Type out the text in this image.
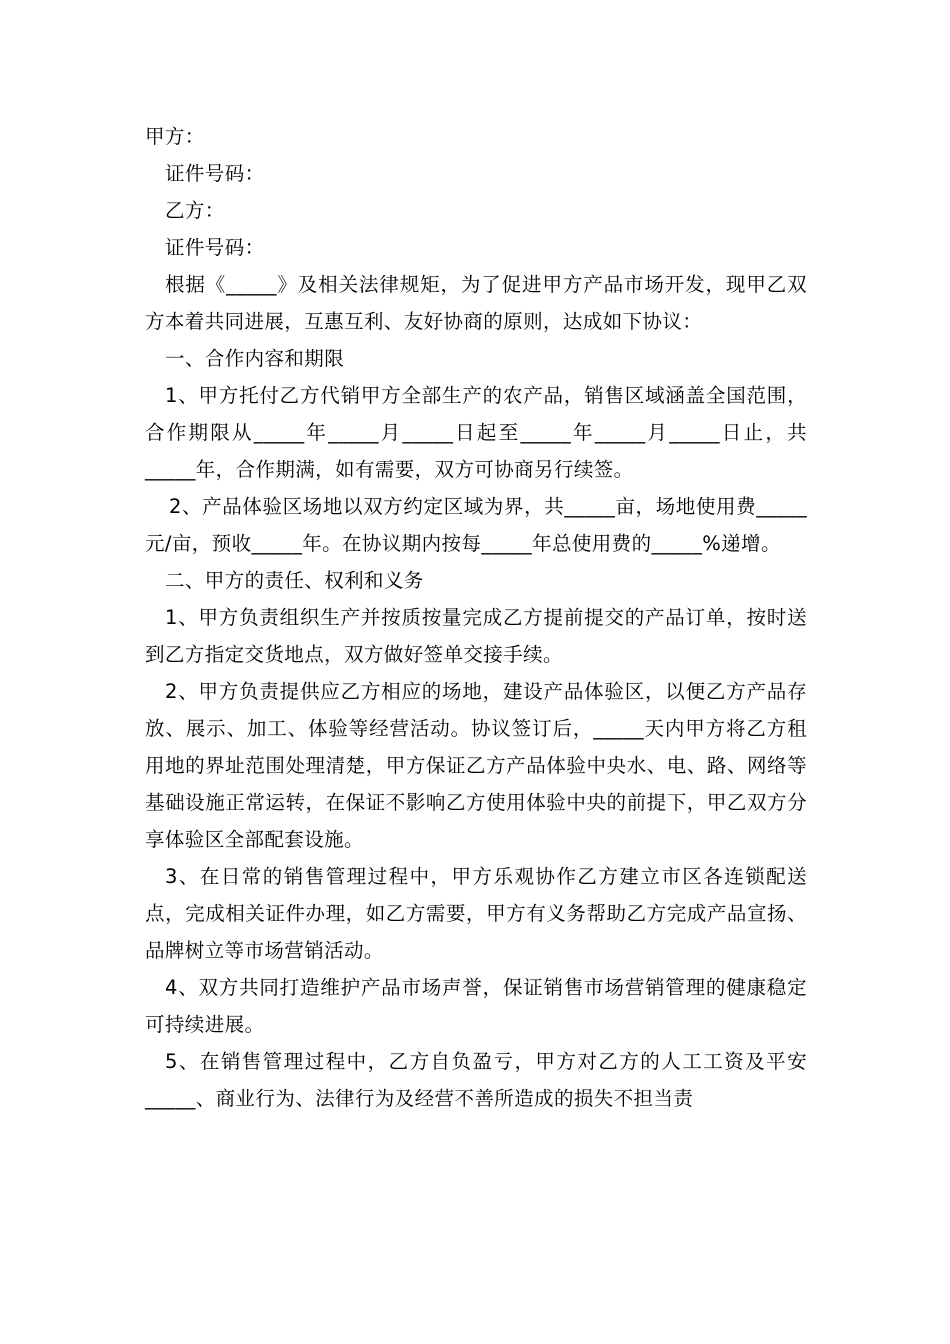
甲方：

证件号码：

乙方：

证件号码：

根据《_____》及相关法律规矩，为了促进甲方产品市场开发，现甲乙双方本着共同进展，互惠互利、友好协商的原则，达成如下协议：

一、合作内容和期限

1、甲方托付乙方代销甲方全部生产的农产品，销售区域涵盖全国范围，合作期限从_____年_____月_____日起至_____年_____月_____日止，共_____年，合作期满，如有需要，双方可协商另行续签。

2、产品体验区场地以双方约定区域为界，共_____亩，场地使用费_____元/亩，预收_____年。在协议期内按每_____年总使用费的_____%递增。

二、甲方的责任、权利和义务

1、甲方负责组织生产并按质按量完成乙方提前提交的产品订单，按时送到乙方指定交货地点，双方做好签单交接手续。

2、甲方负责提供应乙方相应的场地，建设产品体验区，以便乙方产品存放、展示、加工、体验等经营活动。协议签订后，_____天内甲方将乙方租用地的界址范围处理清楚，甲方保证乙方产品体验中央水、电、路、网络等基础设施正常运转，在保证不影响乙方使用体验中央的前提下，甲乙双方分享体验区全部配套设施。

3、在日常的销售管理过程中，甲方乐观协作乙方建立市区各连锁配送点，完成相关证件办理，如乙方需要，甲方有义务帮助乙方完成产品宣扬、品牌树立等市场营销活动。

4、双方共同打造维护产品市场声誉，保证销售市场营销管理的健康稳定可持续进展。

5、在销售管理过程中，乙方自负盈亏，甲方对乙方的人工工资及平安_____、商业行为、法律行为及经营不善所造成的损失不担当责
